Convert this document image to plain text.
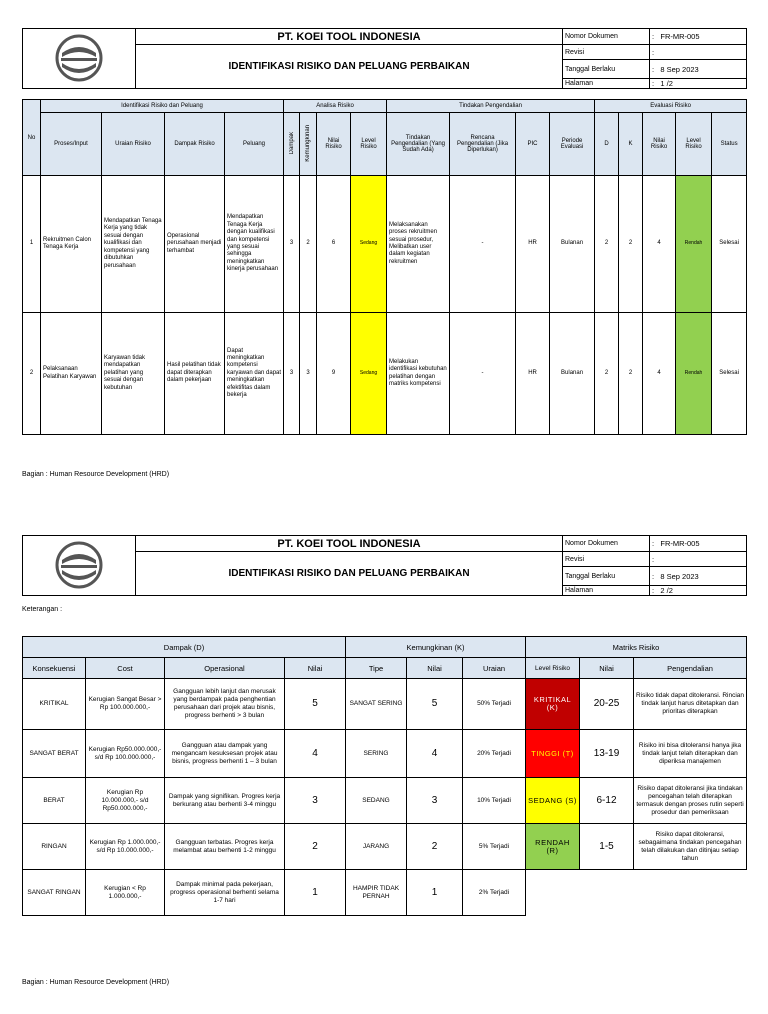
	PT. KOEI TOOL INDONESIA	Nomor Dokumen	: FR-MR-005
	IDENTIFIKASI RISIKO DAN PELUANG PERBAIKAN	Revisi	:
		Tanggal Berlaku	: 8 Sep 2023
		Halaman	: 1 /2
No	Identifikasi Risiko dan Peluang				Analisa Risiko				Tindakan Pengendalian				Evaluasi Risiko				
	Proses/Input	Uraian Risiko	Dampak Risiko	Peluang	Dampak	Kemungkinan	Nilai Risiko	Level Risiko	Tindakan Pengendalian (Yang Sudah Ada)	Rencana Pengendalian (Jika Diperlukan)	PIC	Periode Evaluasi	D	K	Nilai Risiko	Level Risiko	Status
1	Rekruitmen Calon Tenaga Kerja	Mendapatkan Tenaga Kerja yang tidak sesuai dengan kualifikasi dan kompetensi yang dibutuhkan perusahaan	Operasional perusahaan menjadi terhambat	Mendapatkan Tenaga Kerja dengan kualifikasi dan kompetensi yang sesuai sehingga meningkatkan kinerja perusahaan	3	2	6	Sedang	Melaksanakan proses rekruitmen sesuai prosedur, Melibatkan user dalam kegiatan rekruitmen	-	HR	Bulanan	2	2	4	Rendah	Selesai
2	Pelaksanaan Pelatihan Karyawan	Karyawan tidak mendapatkan pelatihan yang sesuai dengan kebutuhan	Hasil pelatihan tidak dapat diterapkan dalam pekerjaan	Dapat meningkatkan kompetensi karyawan dan dapat meningkatkan efektifitas dalam bekerja	3	3	9	Sedang	Melakukan identifikasi kebutuhan pelatihan dengan matriks kompetensi	-	HR	Bulanan	2	2	4	Rendah	Selesai
Bagian : Human Resource Development (HRD)
	PT. KOEI TOOL INDONESIA	Nomor Dokumen	: FR-MR-005
	IDENTIFIKASI RISIKO DAN PELUANG PERBAIKAN	Revisi	:
		Tanggal Berlaku	: 8 Sep 2023
		Halaman	: 2 /2
Keterangan :
Dampak (D)				Kemungkinan (K)			Matriks Risiko		
Konsekuensi	Cost	Operasional	Nilai	Tipe	Nilai	Uraian	Level Risiko	Nilai	Pengendalian
KRITIKAL	Kerugian Sangat Besar > Rp 100.000.000,-	Gangguan lebih lanjut dan merusak yang berdampak pada penghentian perusahaan dari projek atau bisnis, progress berhenti > 3 bulan	5	SANGAT SERING	5	50% Terjadi	KRITIKAL (K)	20-25	Risiko tidak dapat ditoleransi. Rincian tindak lanjut harus ditetapkan dan prioritas diterapkan
SANGAT BERAT	Kerugian Rp50.000.000,- s/d Rp 100.000.000,-	Gangguan atau dampak yang mengancam kesuksesan projek atau bisnis, progress berhenti 1 – 3 bulan	4	SERING	4	20% Terjadi	TINGGI (T)	13-19	Risiko ini bisa ditoleransi hanya jika tindak lanjut telah diterapkan dan diperiksa manajemen
BERAT	Kerugian Rp 10.000.000,- s/d Rp50.000.000,-	Dampak yang signifikan. Progres kerja berkurang atau berhenti 3-4 minggu	3	SEDANG	3	10% Terjadi	SEDANG (S)	6-12	Risiko dapat ditoleransi jika tindakan pencegahan telah diterapkan termasuk dengan proses rutin seperti prosedur dan pemeriksaan
RINGAN	Kerugian Rp 1.000.000,- s/d Rp 10.000.000,-	Gangguan terbatas. Progres kerja melambat atau berhenti 1-2 minggu	2	JARANG	2	5% Terjadi	RENDAH (R)	1-5	Risiko dapat ditoleransi, sebagaimana tindakan pencegahan telah dilakukan dan ditinjau setiap tahun
SANGAT RINGAN	Kerugian < Rp 1.000.000,-	Dampak minimal pada pekerjaan, progress operasional berhenti selama 1-7 hari	1	HAMPIR TIDAK PERNAH	1	2% Terjadi			
Bagian : Human Resource Development (HRD)
